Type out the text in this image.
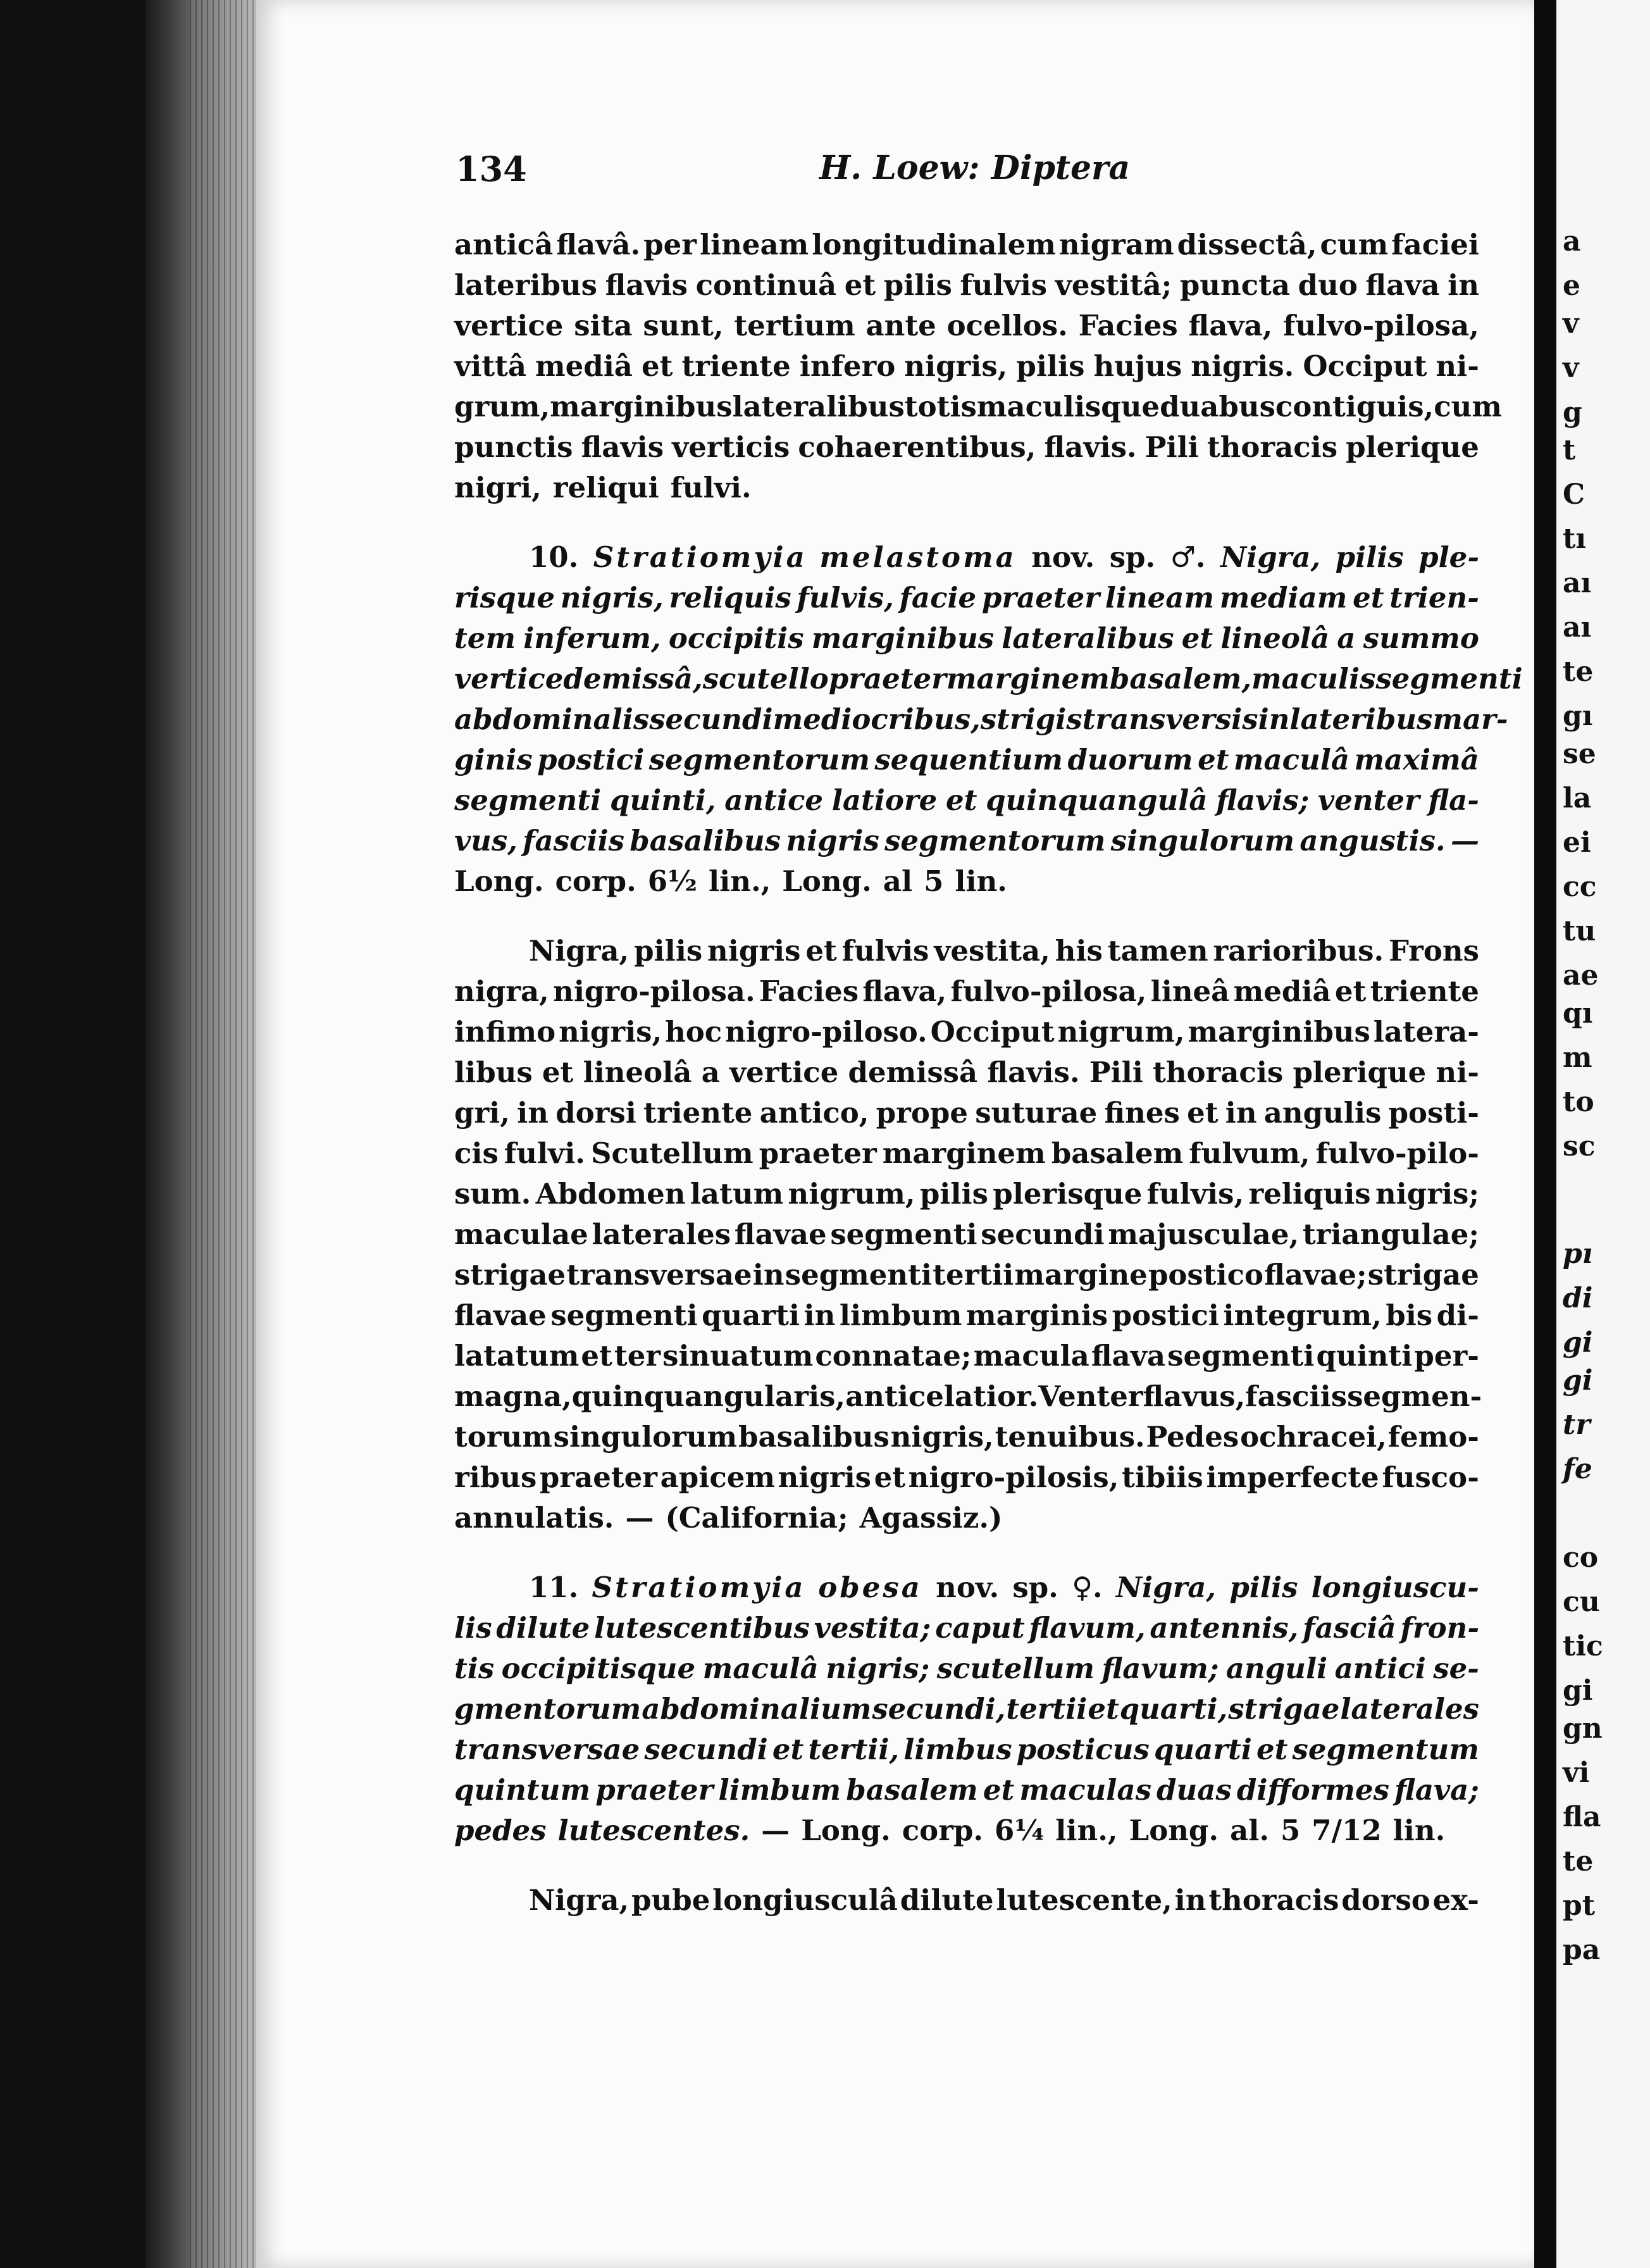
a
e
v
v
g
t
C
tı
aı
aı
te
gı
se
la
ei
cc
tu
ae
qı
m
to
sc
pı
di
gi
gi
tr
fe
co
cu
tic
gi
gn
vi
fla
te
pt
pa
134	H. Loew: Diptera
anticâ flavâ. per lineam longitudinalem nigram dissectâ, cum faciei
lateribus flavis continuâ et pilis fulvis vestitâ; puncta duo flava in
vertice sita sunt, tertium ante ocellos. Facies flava, fulvo-pilosa,
vittâ mediâ et triente infero nigris, pilis hujus nigris. Occiput ni-
grum, marginibus lateralibus totis maculisque duabus contiguis, cum
punctis flavis verticis cohaerentibus, flavis. Pili thoracis plerique
nigri, reliqui fulvi.
10. Stratiomyia melastoma nov. sp. ♂. Nigra, pilis ple-
risque nigris, reliquis fulvis, facie praeter lineam mediam et trien-
tem inferum, occipitis marginibus lateralibus et lineolâ a summo
vertice demissâ, scutello praeter marginem basalem, maculis segmenti
abdominalis secundi mediocribus, strigis transversis in lateribus mar-
ginis postici segmentorum sequentium duorum et maculâ maximâ
segmenti quinti, antice latiore et quinquangulâ flavis; venter fla-
vus, fasciis basalibus nigris segmentorum singulorum angustis. —
Long. corp. 6½ lin., Long. al 5 lin.
Nigra, pilis nigris et fulvis vestita, his tamen rarioribus. Frons
nigra, nigro-pilosa. Facies flava, fulvo-pilosa, lineâ mediâ et triente
infimo nigris, hoc nigro-piloso. Occiput nigrum, marginibus latera-
libus et lineolâ a vertice demissâ flavis. Pili thoracis plerique ni-
gri, in dorsi triente antico, prope suturae fines et in angulis posti-
cis fulvi. Scutellum praeter marginem basalem fulvum, fulvo-pilo-
sum. Abdomen latum nigrum, pilis plerisque fulvis, reliquis nigris;
maculae laterales flavae segmenti secundi majusculae, triangulae;
strigae transversae in segmenti tertii margine postico flavae; strigae
flavae segmenti quarti in limbum marginis postici integrum, bis di-
latatum et ter sinuatum connatae; macula flava segmenti quinti per-
magna, quinquangularis, antice latior. Venter flavus, fasciis segmen-
torum singulorum basalibus nigris, tenuibus. Pedes ochracei, femo-
ribus praeter apicem nigris et nigro-pilosis, tibiis imperfecte fusco-
annulatis. — (California; Agassiz.)
11. Stratiomyia obesa nov. sp. ♀. Nigra, pilis longiuscu-
lis dilute lutescentibus vestita; caput flavum, antennis, fasciâ fron-
tis occipitisque maculâ nigris; scutellum flavum; anguli antici se-
gmentorum abdominalium secundi, tertii et quarti, strigae laterales
transversae secundi et tertii, limbus posticus quarti et segmentum
quintum praeter limbum basalem et maculas duas difformes flava;
pedes lutescentes. — Long. corp. 6¼ lin., Long. al. 5 7/12 lin.
Nigra, pube longiusculâ dilute lutescente, in thoracis dorso ex-
